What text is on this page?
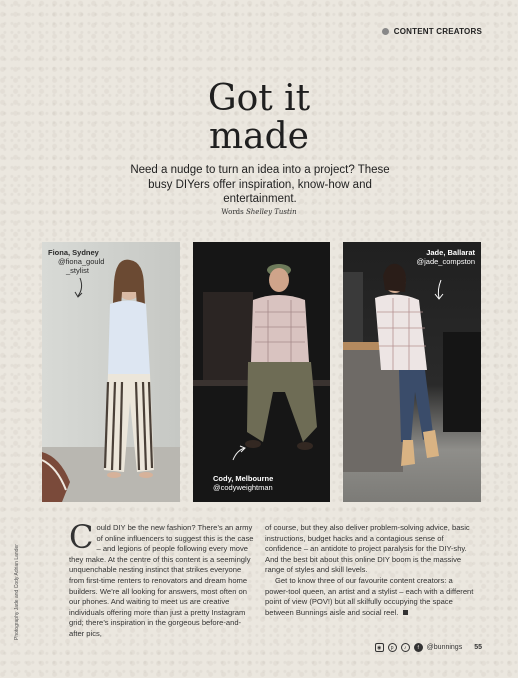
CONTENT CREATORS
Got it
made
Need a nudge to turn an idea into a project? These busy DIYers offer inspiration, know-how and entertainment.
Words Shelley Tustin
Fiona, Sydney
@fiona_gould
_stylist
Cody, Melbourne
@codyweightman
Jade, Ballarat
@jade_compston
C ould DIY be the new fashion? There’s an army of online influencers to suggest this is the case – and legions of people following every move they make. At the centre of this content is a seemingly unquenchable nesting instinct that strikes everyone from first-time renters to renovators and dream home builders. We’re all looking for answers, most often on our phones. And waiting to meet us are creative individuals offering more than just a pretty Instagram grid; there’s inspiration in the gorgeous before-and-after pics,
of course, but they also deliver problem-solving advice, basic instructions, budget hacks and a contagious sense of confidence – an antidote to project paralysis for the DIY-shy. And the best bit about this online DIY boom is the massive range of styles and skill levels.
Get to know three of our favourite content creators: a power-tool queen, an artist and a stylist – each with a different point of view (POV!) but all skilfully occupying the space between Bunnings aisle and social reel.
Photography Jade and Cody Adrian Lander
◉	p	♪	f	@bunnings 55
